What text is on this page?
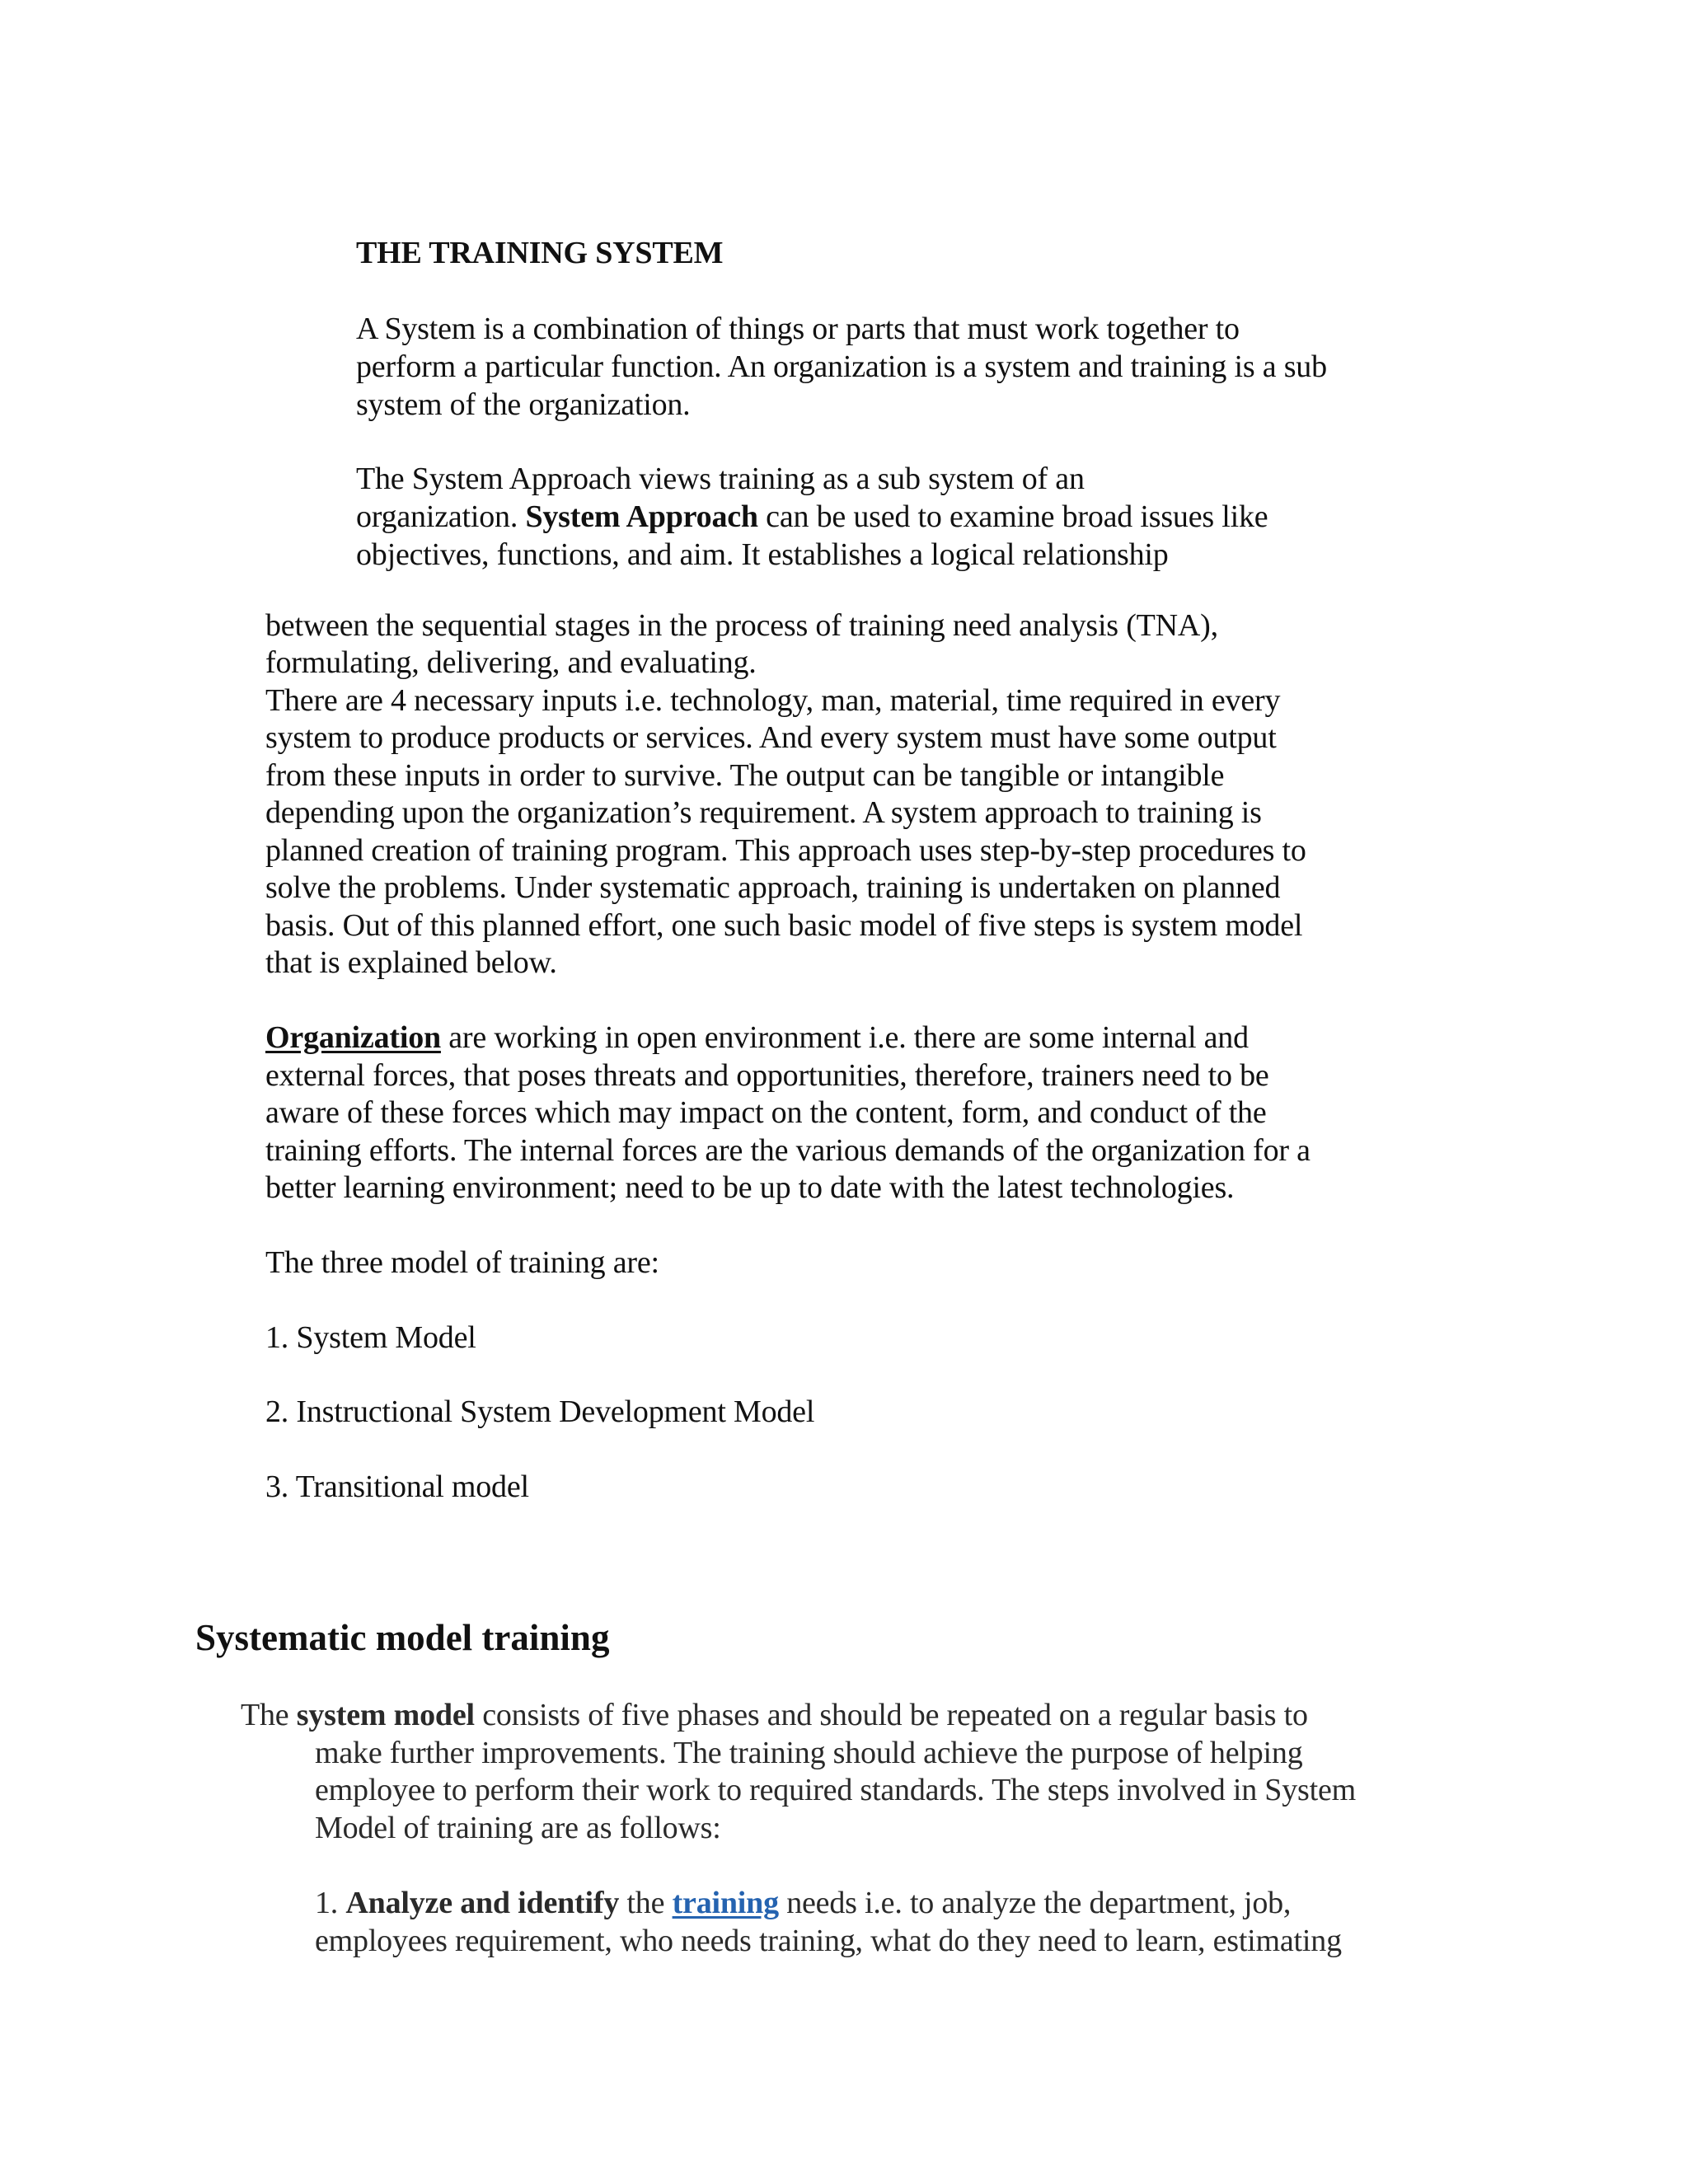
THE TRAINING SYSTEM
A System is a combination of things or parts that must work together to
perform a particular function. An organization is a system and training is a sub
system of the organization.
The System Approach views training as a sub system of an
organization. System Approach can be used to examine broad issues like
objectives, functions, and aim. It establishes a logical relationship
between the sequential stages in the process of training need analysis (TNA),
formulating, delivering, and evaluating.
There are 4 necessary inputs i.e. technology, man, material, time required in every
system to produce products or services. And every system must have some output
from these inputs in order to survive. The output can be tangible or intangible
depending upon the organization’s requirement. A system approach to training is
planned creation of training program. This approach uses step-by-step procedures to
solve the problems. Under systematic approach, training is undertaken on planned
basis. Out of this planned effort, one such basic model of five steps is system model
that is explained below.
Organization are working in open environment i.e. there are some internal and
external forces, that poses threats and opportunities, therefore, trainers need to be
aware of these forces which may impact on the content, form, and conduct of the
training efforts. The internal forces are the various demands of the organization for a
better learning environment; need to be up to date with the latest technologies.
The three model of training are:
1. System Model
2. Instructional System Development Model
3. Transitional model
Systematic model training
The system model consists of five phases and should be repeated on a regular basis to
make further improvements. The training should achieve the purpose of helping
employee to perform their work to required standards. The steps involved in System
Model of training are as follows:
1. Analyze and identify the training needs i.e. to analyze the department, job,
employees requirement, who needs training, what do they need to learn, estimating
